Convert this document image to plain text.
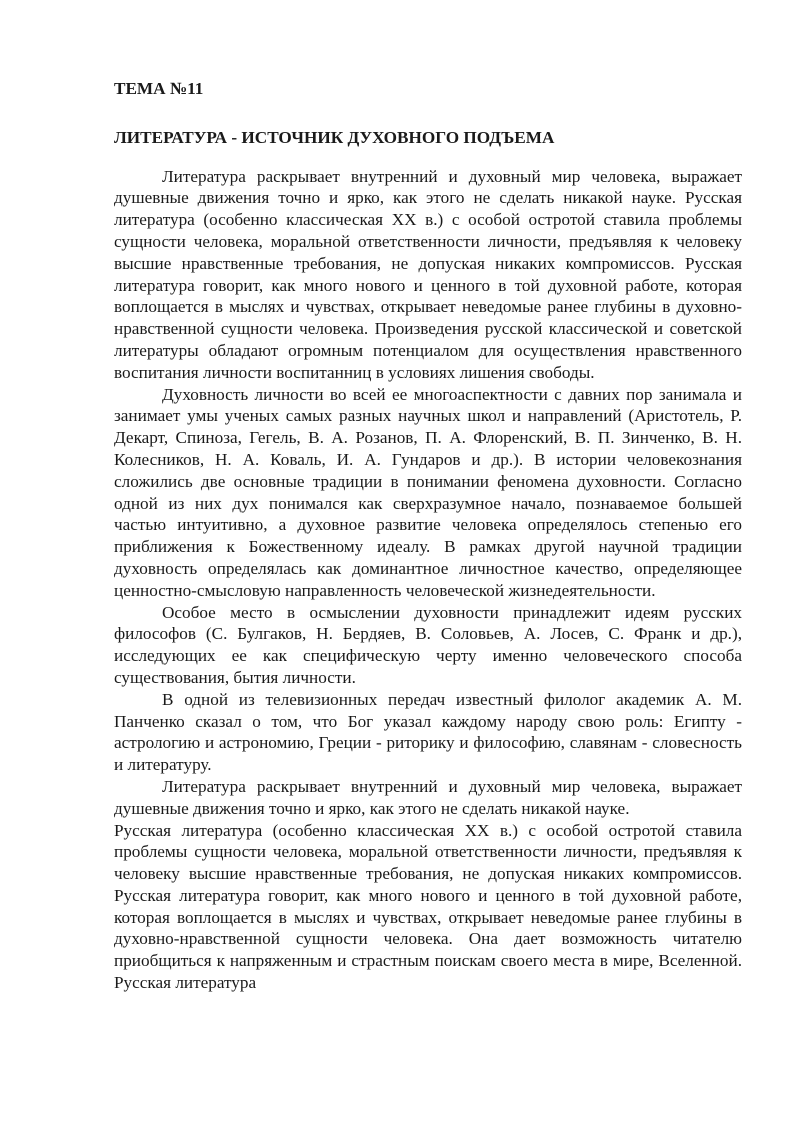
ТЕМА №11

ЛИТЕРАТУРА - ИСТОЧНИК ДУХОВНОГО ПОДЪЕМА

Литература раскрывает внутренний и духовный мир человека, выражает душевные движения точно и ярко, как этого не сделать никакой науке. Русская литература (особенно классическая XX в.) с особой остротой ставила проблемы сущности человека, моральной ответственности личности, предъявляя к человеку высшие нравственные требования, не допуская никаких компромиссов. Русская литература говорит, как много нового и ценного в той духовной работе, которая воплощается в мыслях и чувствах, открывает неведомые ранее глубины в духовно-нравственной сущности человека. Произведения русской классической и советской литературы обладают огромным потенциалом для осуществления нравственного воспитания личности воспитанниц в условиях лишения свободы.

Духовность личности во всей ее многоаспектности с давних пор занимала и занимает умы ученых самых разных научных школ и направлений (Аристотель, Р. Декарт, Спиноза, Гегель, В. А. Розанов, П. А. Флоренский, В. П. Зинченко, В. Н. Колесников, Н. А. Коваль, И. А. Гундаров и др.). В истории человекознания сложились две основные традиции в понимании феномена духовности. Согласно одной из них дух понимался как сверхразумное начало, познаваемое большей частью интуитивно, а духовное развитие человека определялось степенью его приближения к Божественному идеалу. В рамках другой научной традиции духовность определялась как доминантное личностное качество, определяющее ценностно-смысловую направленность человеческой жизнедеятельности.

Особое место в осмыслении духовности принадлежит идеям русских философов (С. Булгаков, Н. Бердяев, В. Соловьев, А. Лосев, С. Франк и др.), исследующих ее как специфическую черту именно человеческого способа существования, бытия личности.

В одной из телевизионных передач известный филолог академик А. М. Панченко сказал о том, что Бог указал каждому народу свою роль: Египту - астрологию и астрономию, Греции - риторику и философию, славянам - словесность и литературу.

Литература раскрывает внутренний и духовный мир человека, выражает душевные движения точно и ярко, как этого не сделать никакой науке.

Русская литература (особенно классическая XX в.) с особой остротой ставила проблемы сущности человека, моральной ответственности личности, предъявляя к человеку высшие нравственные требования, не допуская никаких компромиссов. Русская литература говорит, как много нового и ценного в той духовной работе, которая воплощается в мыслях и чувствах, открывает неведомые ранее глубины в духовно-нравственной сущности человека. Она дает возможность читателю приобщиться к напряженным и страстным поискам своего места в мире, Вселенной. Русская литература
